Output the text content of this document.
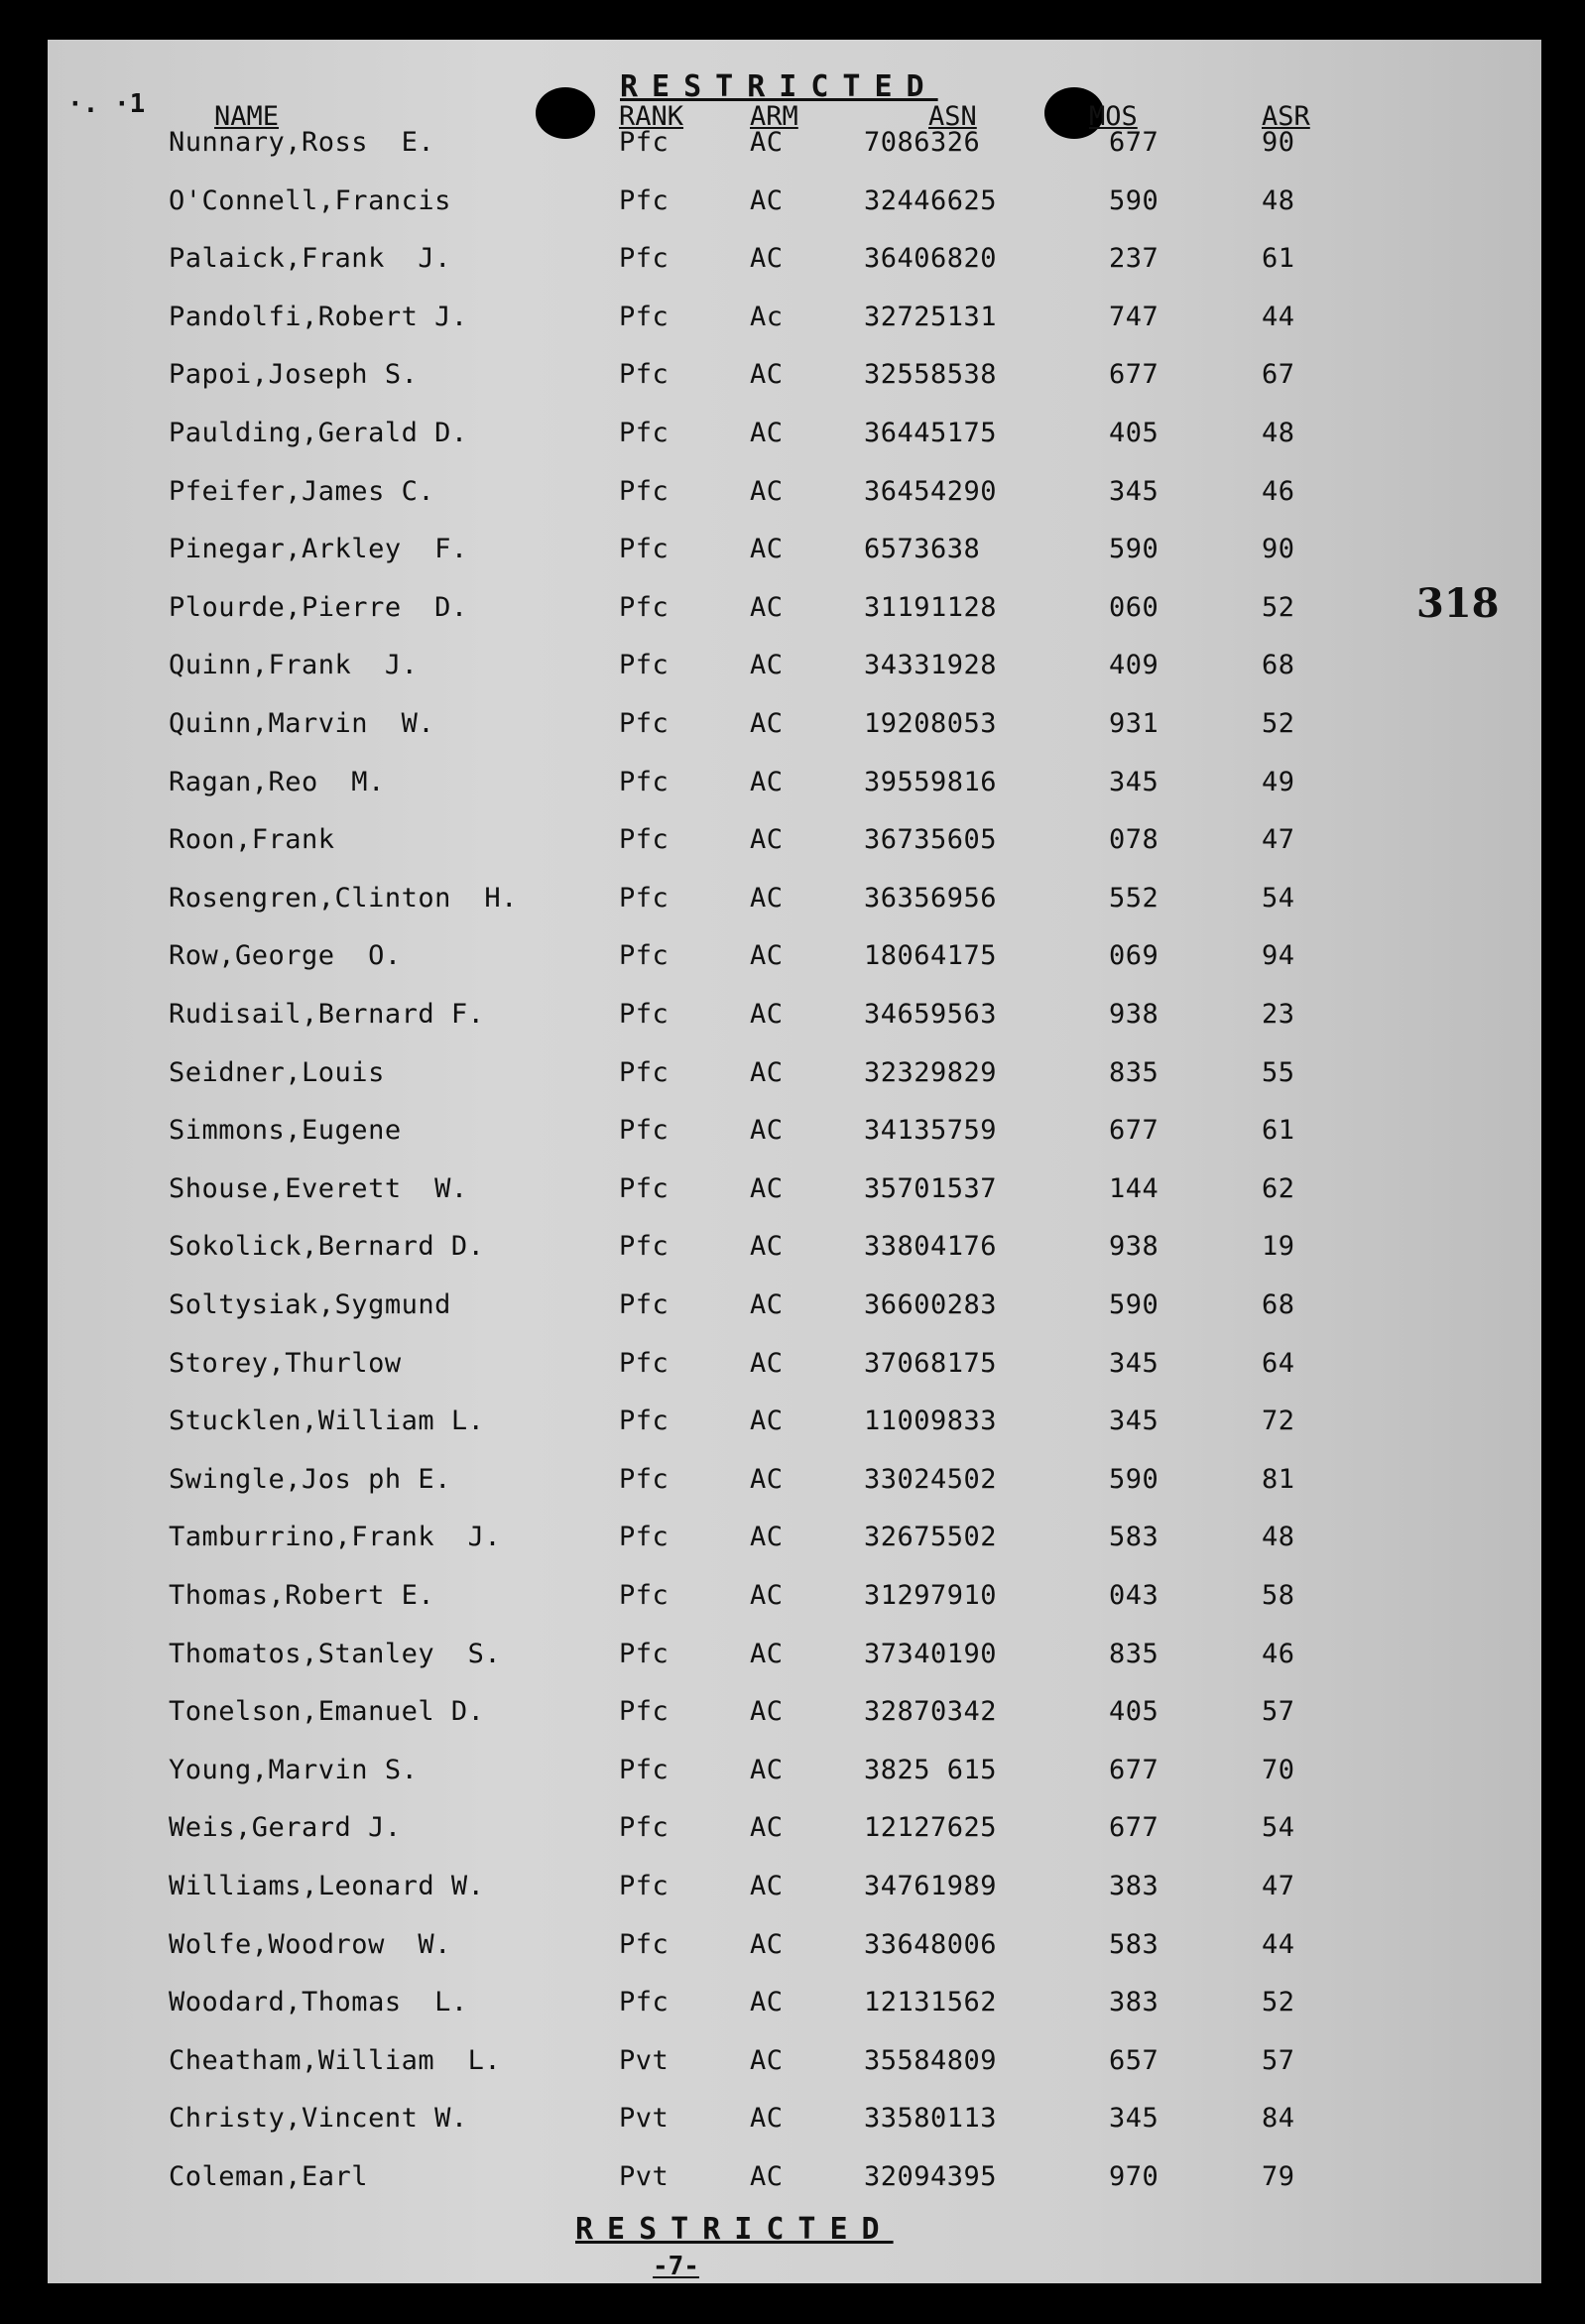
·. ·1	RESTRICTED
NAME	RANK ARM	ASN	MOS	ASR
Nunnary,Ross  E.	Pfc	AC	7086326	677	90
O'Connell,Francis	Pfc	AC	32446625	590	48
Palaick,Frank  J.	Pfc	AC	36406820	237	61
Pandolfi,Robert J.	Pfc	Ac	32725131	747	44
Papoi,Joseph S.	Pfc	AC	32558538	677	67
Paulding,Gerald D.	Pfc	AC	36445175	405	48
Pfeifer,James C.	Pfc	AC	36454290	345	46
Pinegar,Arkley  F.	Pfc	AC	6573638	590	90
Plourde,Pierre  D.	Pfc	AC	31191128	060	52
Quinn,Frank  J.	Pfc	AC	34331928	409	68
Quinn,Marvin  W.	Pfc	AC	19208053	931	52
Ragan,Reo  M.	Pfc	AC	39559816	345	49
Roon,Frank	Pfc	AC	36735605	078	47
Rosengren,Clinton  H.	Pfc	AC	36356956	552	54
Row,George  O.	Pfc	AC	18064175	069	94
Rudisail,Bernard F.	Pfc	AC	34659563	938	23
Seidner,Louis	Pfc	AC	32329829	835	55
Simmons,Eugene	Pfc	AC	34135759	677	61
Shouse,Everett  W.	Pfc	AC	35701537	144	62
Sokolick,Bernard D.	Pfc	AC	33804176	938	19
Soltysiak,Sygmund	Pfc	AC	36600283	590	68
Storey,Thurlow	Pfc	AC	37068175	345	64
Stucklen,William L.	Pfc	AC	11009833	345	72
Swingle,Jos ph E.	Pfc	AC	33024502	590	81
Tamburrino,Frank  J.	Pfc	AC	32675502	583	48
Thomas,Robert E.	Pfc	AC	31297910	043	58
Thomatos,Stanley  S.	Pfc	AC	37340190	835	46
Tonelson,Emanuel D.	Pfc	AC	32870342	405	57
Young,Marvin S.	Pfc	AC	3825 615	677	70
Weis,Gerard J.	Pfc	AC	12127625	677	54
Williams,Leonard W.	Pfc	AC	34761989	383	47
Wolfe,Woodrow  W.	Pfc	AC	33648006	583	44
Woodard,Thomas  L.	Pfc	AC	12131562	383	52
Cheatham,William  L.	Pvt	AC	35584809	657	57
Christy,Vincent W.	Pvt	AC	33580113	345	84
Coleman,Earl	Pvt	AC	32094395	970	79
318
RESTRICTED
-7-
